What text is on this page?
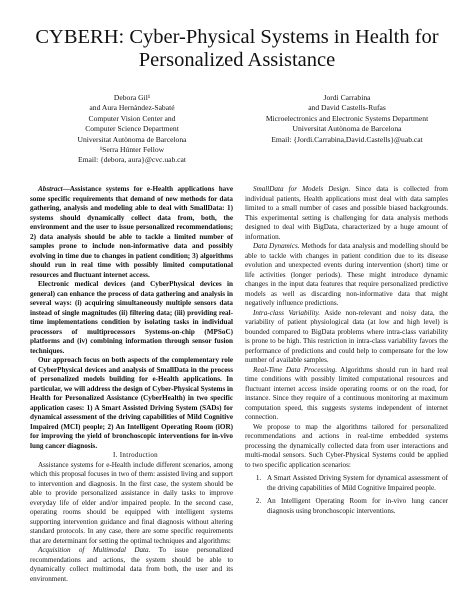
CYBERH: Cyber-Physical Systems in Health for Personalized Assistance
Debora Gil¹
and Aura Hernàndez-Sabaté
Computer Vision Center and
Computer Science Department
Universitat Autònoma de Barcelona
¹Serra Húnter Fellow
Email: {debora, aura}@cvc.uab.cat
Jordi Carrabina
and David Castells-Rufas
Microelectronics and Electronic Systems Department
Universitat Autònoma de Barcelona
Email: {Jordi.Carrabina,David.Castells}@uab.cat

Abstract—Assistance systems for e-Health applications have some specific requirements that demand of new methods for data gathering, analysis and modeling able to deal with SmallData: 1) systems should dynamically collect data from, both, the environment and the user to issue personalized recommendations; 2) data analysis should be able to tackle a limited number of samples prone to include non-informative data and possibly evolving in time due to changes in patient condition; 3) algorithms should run in real time with possibly limited computational resources and fluctuant internet access.

Electronic medical devices (and CyberPhysical devices in general) can enhance the process of data gathering and analysis in several ways: (i) acquiring simultaneously multiple sensors data instead of single magnitudes (ii) filtering data; (iii) providing real-time implementations condition by isolating tasks in individual processors of multiprocessors Systems-on-chip (MPSoC) platforms and (iv) combining information through sensor fusion techniques.

Our approach focus on both aspects of the complementary role of CyberPhysical devices and analysis of SmallData in the process of personalized models building for e-Health applications. In particular, we will address the design of Cyber-Physical Systems in Health for Personalized Assistance (CyberHealth) in two specific application cases: 1) A Smart Assisted Driving System (SADs) for dynamical assessment of the driving capabilities of Mild Cognitive Impaired (MCI) people; 2) An Intelligent Operating Room (iOR) for improving the yield of bronchoscopic interventions for in-vivo lung cancer diagnosis.

I. Introduction

Assistance systems for e-Health include different scenarios, among which this proposal focuses in two of them: assisted living and support to intervention and diagnosis. In the first case, the system should be able to provide personalized assistance in daily tasks to improve everyday life of elder and/or impaired people. In the second case, operating rooms should be equipped with intelligent systems supporting intervention guidance and final diagnosis without altering standard protocols. In any case, there are some specific requirements that are determinant for setting the optimal techniques and algorithms:

Acquisition of Multimodal Data. To issue personalized recommendations and actions, the system should be able to dynamically collect multimodal data from both, the user and its environment.

SmallData for Models Design. Since data is collected from individual patients, Health applications must deal with data samples limited to a small number of cases and possible biased backgrounds. This experimental setting is challenging for data analysis methods designed to deal with BigData, characterized by a huge amount of information.

Data Dynamics. Methods for data analysis and modelling should be able to tackle with changes in patient condition due to its disease evolution and unexpected events during intervention (short) time or life activities (longer periods). These might introduce dynamic changes in the input data features that require personalized predictive models as well as discarding non-informative data that might negatively influence predictions.

Intra-class Variability. Aside non-relevant and noisy data, the variability of patient physiological data (at low and high level) is bounded compared to BigData problems where intra-class variability is prone to be high. This restriction in intra-class variability favors the performance of predictions and could help to compensate for the low number of available samples.

Real-Time Data Processing. Algorithms should run in hard real time conditions with possibly limited computational resources and fluctuant internet access inside operating rooms or on the road, for instance. Since they require of a continuous monitoring at maximum computation speed, this suggests systems independent of internet connection.

We propose to map the algorithms tailored for personalized recommendations and actions in real-time embedded systems processing the dynamically collected data from user interactions and multi-modal sensors. Such Cyber-Physical Systems could be applied to two specific application scenarios:

1. A Smart Assisted Driving System for dynamical assessment of the driving capabilities of Mild Cognitive Impaired people.
2. An Intelligent Operating Room for in-vivo lung cancer diagnosis using bronchoscopic interventions.
